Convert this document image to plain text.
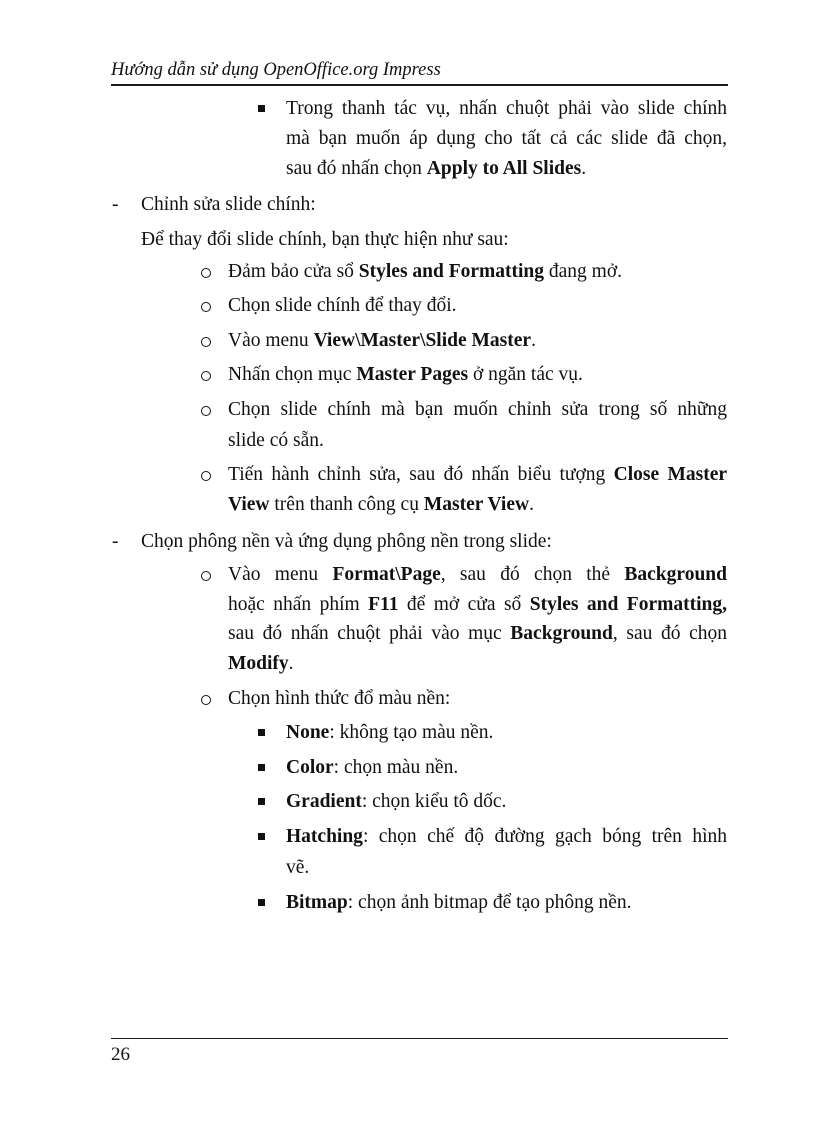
Hướng dẫn sử dụng OpenOffice.org Impress
Trong thanh tác vụ, nhấn chuột phải vào slide chính
mà bạn muốn áp dụng cho tất cả các slide đã chọn,
sau đó nhấn chọn Apply to All Slides.
- Chỉnh sửa slide chính:
Để thay đổi slide chính, bạn thực hiện như sau:
Đảm bảo cửa sổ Styles and Formatting đang mở.
Chọn slide chính để thay đổi.
Vào menu View\Master\Slide Master.
Nhấn chọn mục Master Pages ở ngăn tác vụ.
Chọn slide chính mà bạn muốn chỉnh sửa trong số những
slide có sẵn.
Tiến hành chỉnh sửa, sau đó nhấn biểu tượng Close Master
View trên thanh công cụ Master View.
- Chọn phông nền và ứng dụng phông nền trong slide:
Vào menu Format\Page, sau đó chọn thẻ Background
hoặc nhấn phím F11 để mở cửa sổ Styles and Formatting,
sau đó nhấn chuột phải vào mục Background, sau đó chọn
Modify.
Chọn hình thức đổ màu nền:
None: không tạo màu nền.
Color: chọn màu nền.
Gradient: chọn kiểu tô dốc.
Hatching: chọn chế độ đường gạch bóng trên hình
vẽ.
Bitmap: chọn ảnh bitmap để tạo phông nền.
26
